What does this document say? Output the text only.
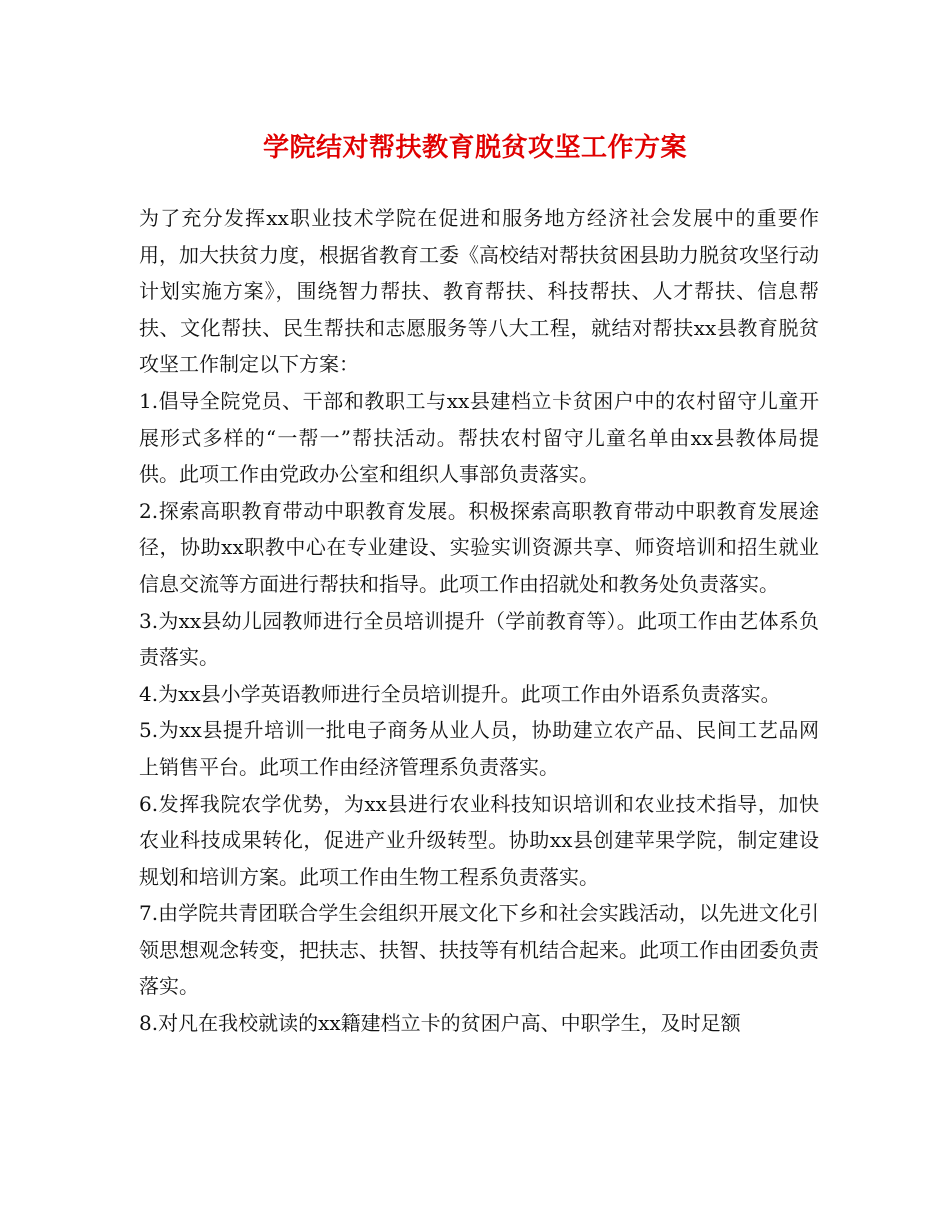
学院结对帮扶教育脱贫攻坚工作方案

为了充分发挥xx职业技术学院在促进和服务地方经济社会发展中的重要作用，加大扶贫力度，根据省教育工委《高校结对帮扶贫困县助力脱贫攻坚行动计划实施方案》，围绕智力帮扶、教育帮扶、科技帮扶、人才帮扶、信息帮扶、文化帮扶、民生帮扶和志愿服务等八大工程，就结对帮扶xx县教育脱贫攻坚工作制定以下方案：

1.倡导全院党员、干部和教职工与xx县建档立卡贫困户中的农村留守儿童开展形式多样的“一帮一”帮扶活动。帮扶农村留守儿童名单由xx县教体局提供。此项工作由党政办公室和组织人事部负责落实。

2.探索高职教育带动中职教育发展。积极探索高职教育带动中职教育发展途径，协助xx职教中心在专业建设、实验实训资源共享、师资培训和招生就业信息交流等方面进行帮扶和指导。此项工作由招就处和教务处负责落实。

3.为xx县幼儿园教师进行全员培训提升（学前教育等）。此项工作由艺体系负责落实。

4.为xx县小学英语教师进行全员培训提升。此项工作由外语系负责落实。

5.为xx县提升培训一批电子商务从业人员，协助建立农产品、民间工艺品网上销售平台。此项工作由经济管理系负责落实。

6.发挥我院农学优势，为xx县进行农业科技知识培训和农业技术指导，加快农业科技成果转化，促进产业升级转型。协助xx县创建苹果学院，制定建设规划和培训方案。此项工作由生物工程系负责落实。

7.由学院共青团联合学生会组织开展文化下乡和社会实践活动，以先进文化引领思想观念转变，把扶志、扶智、扶技等有机结合起来。此项工作由团委负责落实。

8.对凡在我校就读的xx籍建档立卡的贫困户高、中职学生，及时足额
